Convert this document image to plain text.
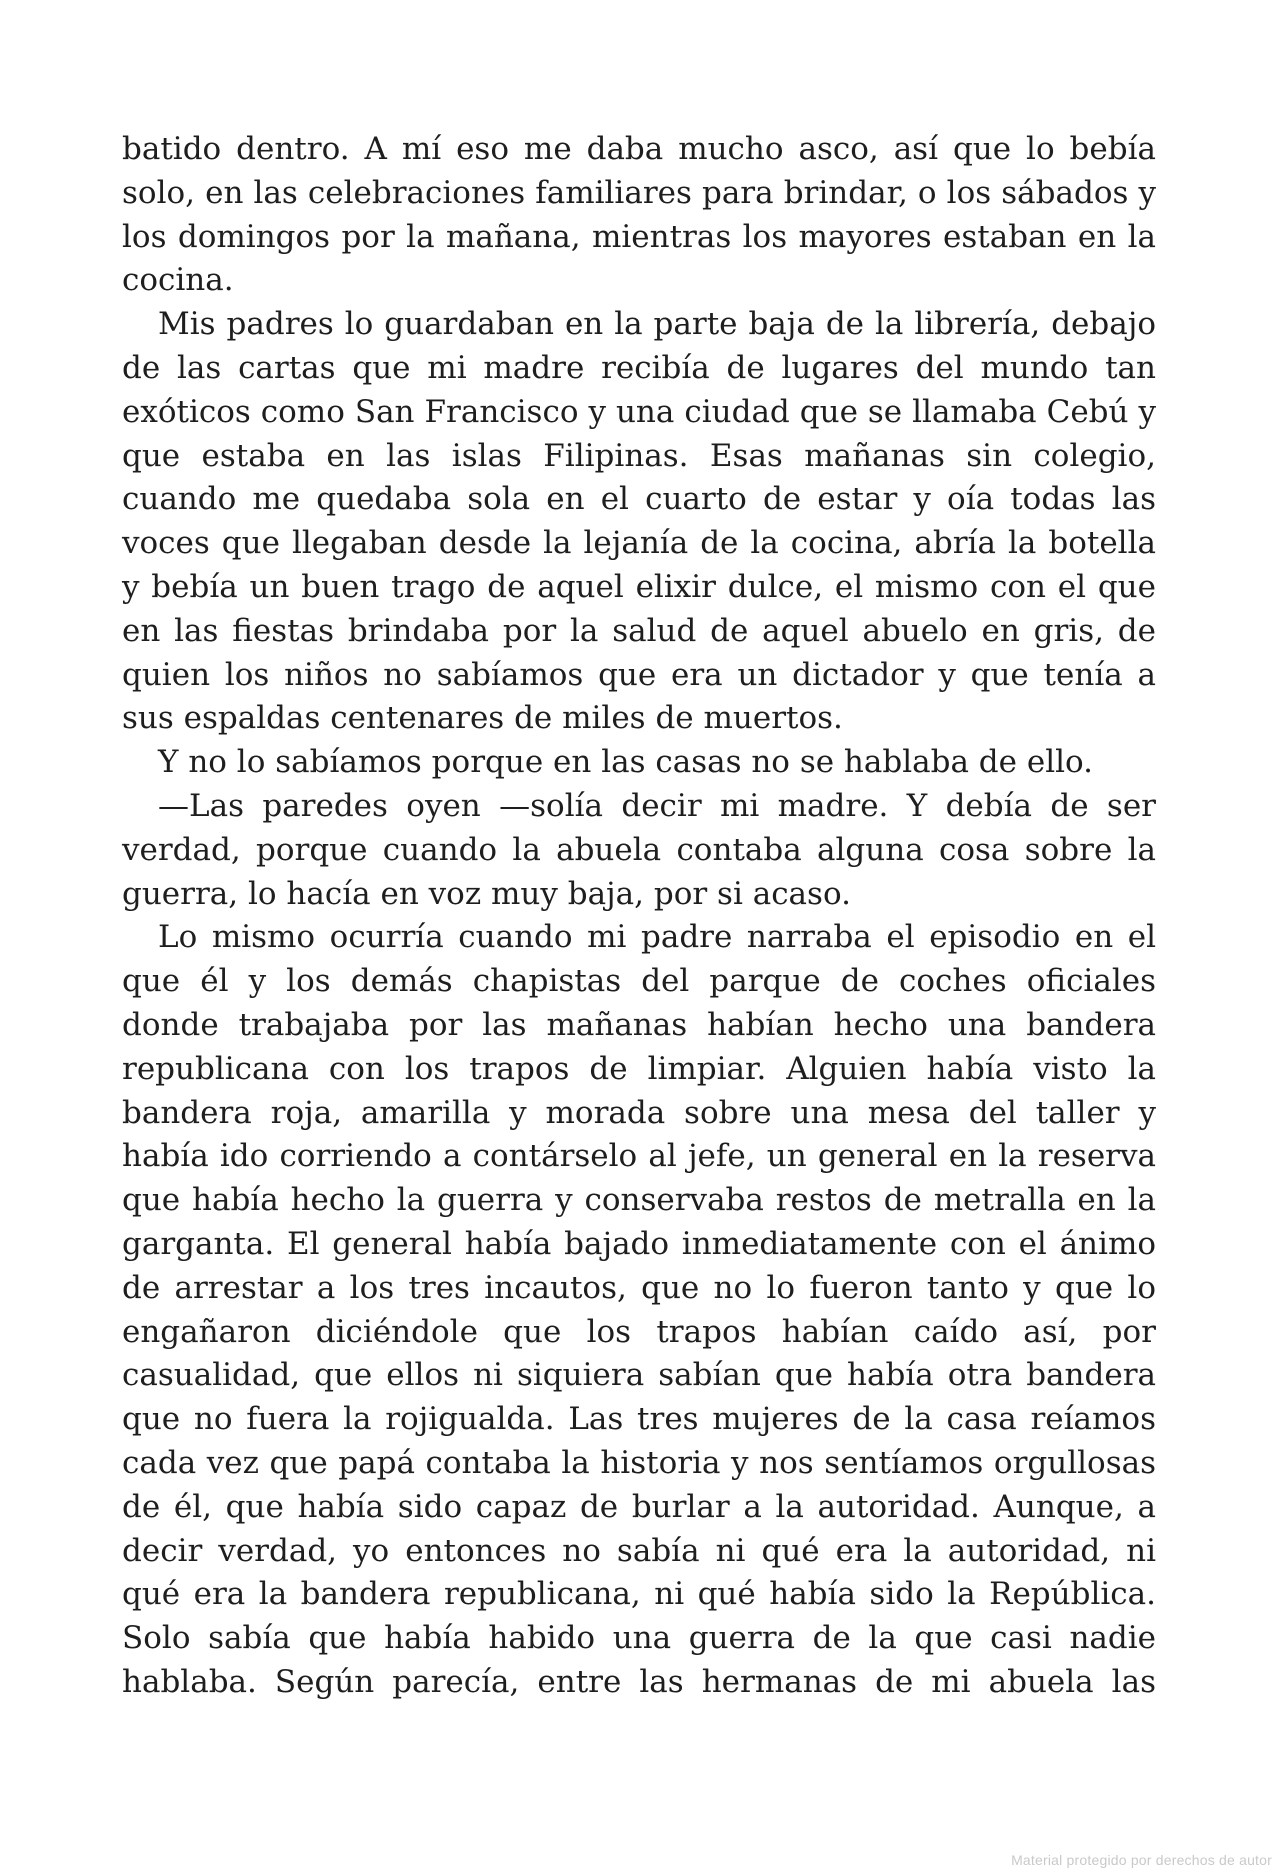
batido dentro. A mí eso me daba mucho asco, así que lo bebía solo, en las celebraciones familiares para brindar, o los sábados y los domingos por la mañana, mientras los mayores estaban en la cocina.

Mis padres lo guardaban en la parte baja de la librería, debajo de las cartas que mi madre recibía de lugares del mundo tan exóticos como San Francisco y una ciudad que se llamaba Cebú y que estaba en las islas Filipinas. Esas mañanas sin colegio, cuando me quedaba sola en el cuarto de estar y oía todas las voces que llegaban desde la lejanía de la cocina, abría la botella y bebía un buen trago de aquel elixir dulce, el mismo con el que en las fiestas brindaba por la salud de aquel abuelo en gris, de quien los niños no sabíamos que era un dictador y que tenía a sus espaldas centenares de miles de muertos.

Y no lo sabíamos porque en las casas no se hablaba de ello.

—Las paredes oyen —solía decir mi madre. Y debía de ser verdad, porque cuando la abuela contaba alguna cosa sobre la guerra, lo hacía en voz muy baja, por si acaso.

Lo mismo ocurría cuando mi padre narraba el episodio en el que él y los demás chapistas del parque de coches oficiales donde trabajaba por las mañanas habían hecho una bandera republicana con los trapos de limpiar. Alguien había visto la bandera roja, amarilla y morada sobre una mesa del taller y había ido corriendo a contárselo al jefe, un general en la reserva que había hecho la guerra y conservaba restos de metralla en la garganta. El general había bajado inmediatamente con el ánimo de arrestar a los tres incautos, que no lo fueron tanto y que lo engañaron diciéndole que los trapos habían caído así, por casualidad, que ellos ni siquiera sabían que había otra bandera que no fuera la rojigualda. Las tres mujeres de la casa reíamos cada vez que papá contaba la historia y nos sentíamos orgullosas de él, que había sido capaz de burlar a la autoridad. Aunque, a decir verdad, yo entonces no sabía ni qué era la autoridad, ni qué era la bandera republicana, ni qué había sido la República. Solo sabía que había habido una guerra de la que casi nadie hablaba. Según parecía, entre las hermanas de mi abuela las

Material protegido por derechos de autor
